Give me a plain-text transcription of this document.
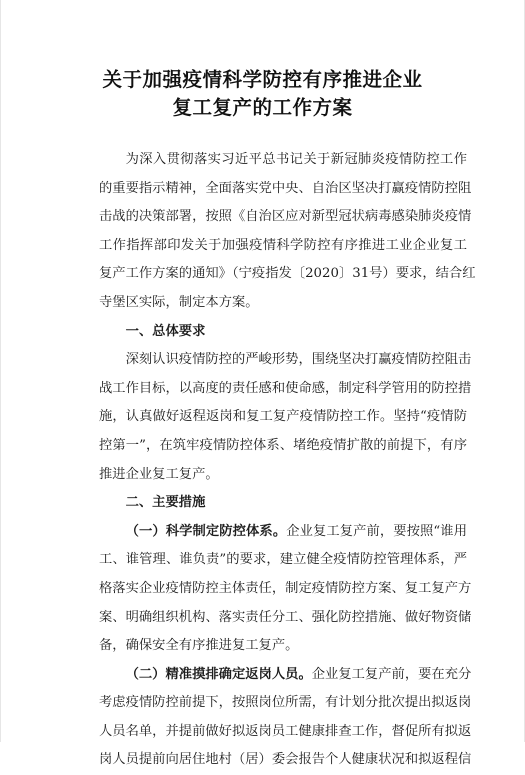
关于加强疫情科学防控有序推进企业
复工复产的工作方案
为深入贯彻落实习近平总书记关于新冠肺炎疫情防控工作
的重要指示精神，全面落实党中央、自治区坚决打赢疫情防控阻
击战的决策部署，按照《自治区应对新型冠状病毒感染肺炎疫情
工作指挥部印发关于加强疫情科学防控有序推进工业企业复工
复产工作方案的通知》（宁疫指发〔2020〕31号）要求，结合红
寺堡区实际，制定本方案。
一、总体要求
深刻认识疫情防控的严峻形势，围绕坚决打赢疫情防控阻击
战工作目标，以高度的责任感和使命感，制定科学管用的防控措
施，认真做好返程返岗和复工复产疫情防控工作。坚持“疫情防
控第一”，在筑牢疫情防控体系、堵绝疫情扩散的前提下，有序
推进企业复工复产。
二、主要措施
（一）科学制定防控体系。企业复工复产前，要按照“谁用
工、谁管理、谁负责”的要求，建立健全疫情防控管理体系，严
格落实企业疫情防控主体责任，制定疫情防控方案、复工复产方
案、明确组织机构、落实责任分工、强化防控措施、做好物资储
备，确保安全有序推进复工复产。
（二）精准摸排确定返岗人员。企业复工复产前，要在充分
考虑疫情防控前提下，按照岗位所需，有计划分批次提出拟返岗
人员名单，并提前做好拟返岗员工健康排查工作，督促所有拟返
岗人员提前向居住地村（居）委会报告个人健康状况和拟返程信
